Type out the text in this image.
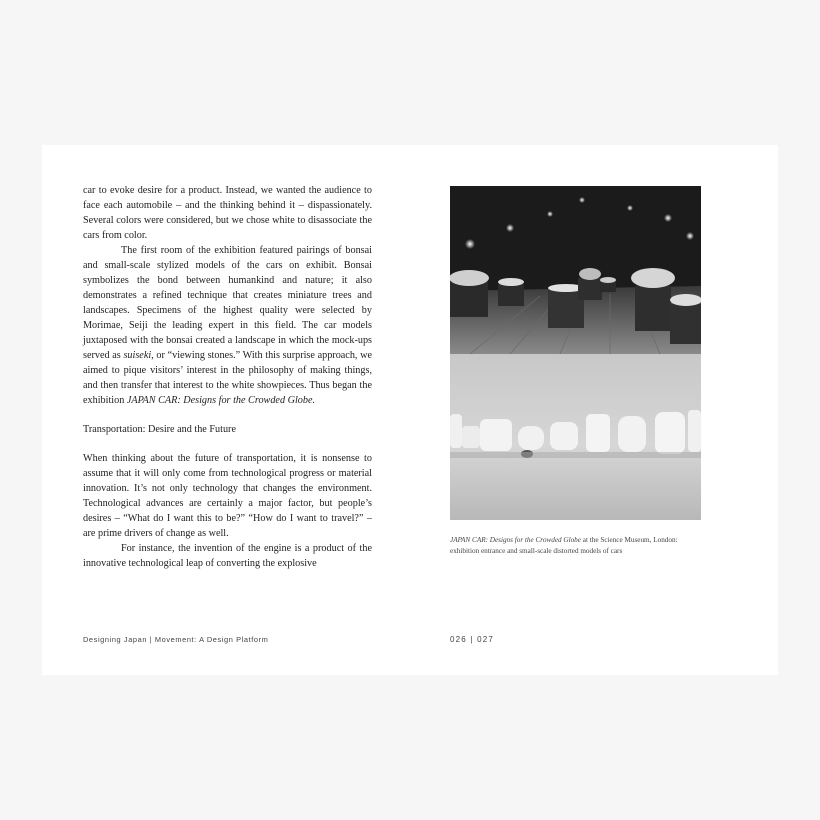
car to evoke desire for a product. Instead, we wanted the audience to face each automobile – and the thinking behind it – dispassionately. Several colors were considered, but we chose white to disassociate the cars from color.

The first room of the exhibition featured pairings of bonsai and small-scale stylized models of the cars on exhibit. Bonsai symbolizes the bond between humankind and nature; it also demonstrates a refined technique that creates miniature trees and landscapes. Specimens of the highest quality were selected by Morimae, Seiji the leading expert in this field. The car models juxtaposed with the bonsai created a landscape in which the mock-ups served as suiseki, or “viewing stones.” With this surprise approach, we aimed to pique visitors’ interest in the philosophy of making things, and then transfer that interest to the white showpieces. Thus began the exhibition JAPAN CAR: Designs for the Crowded Globe.

Transportation: Desire and the Future

When thinking about the future of transportation, it is nonsense to assume that it will only come from technological progress or material innovation. It’s not only technology that changes the environment. Technological advances are certainly a major factor, but people’s desires – “What do I want this to be?” “How do I want to travel?” – are prime drivers of change as well.

For instance, the invention of the engine is a product of the innovative technological leap of converting the explosive

Designing Japan | Movement: A Design Platform
JAPAN CAR: Designs for the Crowded Globe at the Science Museum, London: exhibition entrance and small-scale distorted models of cars
026 | 027
